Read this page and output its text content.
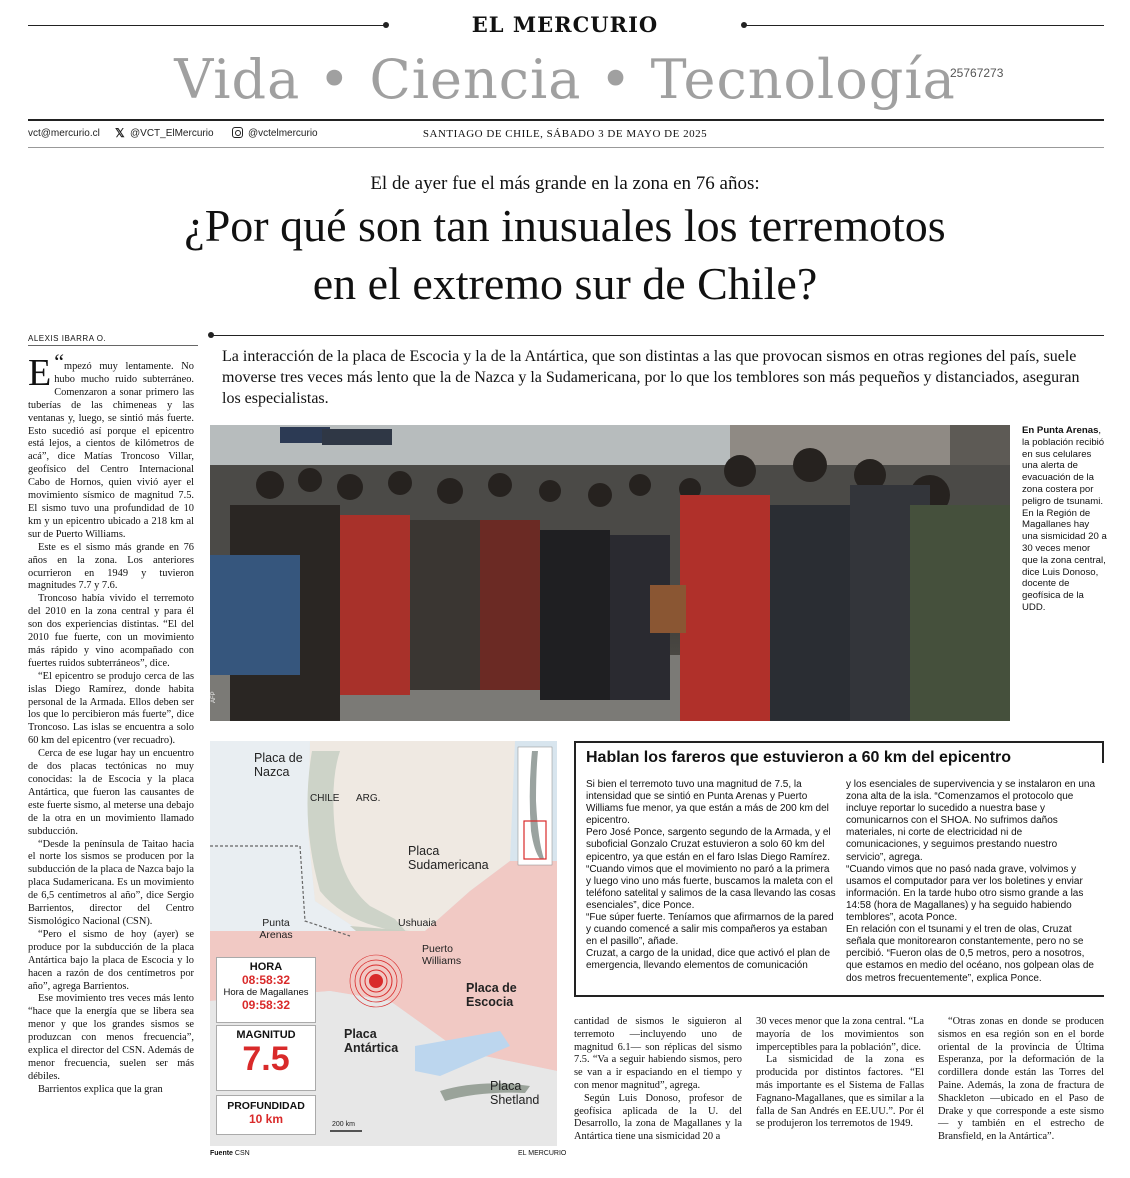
EL MERCURIO
Vida • Ciencia • Tecnología
25767273
vct@mercurio.cl 𝕏 @VCT_ElMercurio	@vctelmercurio	SANTIAGO DE CHILE, SÁBADO 3 DE MAYO DE 2025
El de ayer fue el más grande en la zona en 76 años:
¿Por qué son tan inusuales los terremotos
en el extremo sur de Chile?
ALEXIS IBARRA O.
La interacción de la placa de Escocia y la de la Antártica, que son distintas a las que provocan sismos en otras regiones del país, suele moverse tres veces más lento que la de Nazca y la Sudamericana, por lo que los temblores son más pequeños y distanciados, aseguran los especialistas.

“
E mpezó muy lentamente. No hubo mucho ruido subterráneo. Comenzaron a sonar primero las tuberías de las chimeneas y las ventanas y, luego, se sintió más fuerte. Esto sucedió así porque el epicentro está lejos, a cientos de kilómetros de acá”, dice Matías Troncoso Villar, geofísico del Centro Internacional Cabo de Hornos, quien vivió ayer el movimiento sísmico de magnitud 7.5. El sismo tuvo una profundidad de 10 km y un epicentro ubicado a 218 km al sur de Puerto Williams.

Este es el sismo más grande en 76 años en la zona. Los anteriores ocurrieron en 1949 y tuvieron magnitudes 7.7 y 7.6.

Troncoso había vivido el terremoto del 2010 en la zona central y para él son dos experiencias distintas. “El del 2010 fue fuerte, con un movimiento más rápido y vino acompañado con fuertes ruidos subterráneos”, dice.

“El epicentro se produjo cerca de las islas Diego Ramírez, donde habita personal de la Armada. Ellos deben ser los que lo percibieron más fuerte”, dice Troncoso. Las islas se encuentra a solo 60 km del epicentro (ver recuadro).

Cerca de ese lugar hay un encuentro de dos placas tectónicas no muy conocidas: la de Escocia y la placa Antártica, que fueron las causantes de este fuerte sismo, al meterse una debajo de la otra en un movimiento llamado subducción.

“Desde la península de Taitao hacia el norte los sismos se producen por la subducción de la placa de Nazca bajo la placa Sudamericana. Es un movimiento de 6,5 centímetros al año”, dice Sergio Barrientos, director del Centro Sismológico Nacional (CSN).

“Pero el sismo de hoy (ayer) se produce por la subducción de la placa Antártica bajo la placa de Escocia y lo hacen a razón de dos centímetros por año”, agrega Barrientos.

Ese movimiento tres veces más lento “hace que la energía que se libera sea menor y que los grandes sismos se produzcan con menos frecuencia”, explica el director del CSN. Además de menor frecuencia, suelen ser más débiles.

Barrientos explica que la gran

AFP
En Punta Arenas, la población recibió en sus celulares una alerta de evacuación de la zona costera por peligro de tsunami. En la Región de Magallanes hay una sismicidad 20 a 30 veces menor que la zona central, dice Luis Donoso, docente de geofísica de la UDD.
Placa de Nazca
CHILE ARG.
Placa Sudamericana
Punta Arenas
Ushuaia
Puerto Williams
Placa de Escocia
Placa Antártica
Placa Shetland
200 km
HORA
08:58:32
Hora de Magallanes
09:58:32
MAGNITUD
7.5
PROFUNDIDAD
10 km
Fuente CSN	EL MERCURIO
Hablan los fareros que estuvieron a 60 km del epicentro

Si bien el terremoto tuvo una magnitud de 7.5, la intensidad que se sintió en Punta Arenas y Puerto Williams fue menor, ya que están a más de 200 km del epicentro.

Pero José Ponce, sargento segundo de la Armada, y el suboficial Gonzalo Cruzat estuvieron a solo 60 km del epicentro, ya que están en el faro Islas Diego Ramírez. “Cuando vimos que el movimiento no paró a la primera y luego vino uno más fuerte, buscamos la maleta con el teléfono satelital y salimos de la casa llevando las cosas esenciales”, dice Ponce.

“Fue súper fuerte. Teníamos que afirmarnos de la pared y cuando comencé a salir mis compañeros ya estaban en el pasillo”, añade.

Cruzat, a cargo de la unidad, dice que activó el plan de emergencia, llevando elementos de comunicación

y los esenciales de supervivencia y se instalaron en una zona alta de la isla. “Comenzamos el protocolo que incluye reportar lo sucedido a nuestra base y comunicarnos con el SHOA. No sufrimos daños materiales, ni corte de electricidad ni de comunicaciones, y seguimos prestando nuestro servicio”, agrega.

“Cuando vimos que no pasó nada grave, volvimos y usamos el computador para ver los boletines y enviar información. En la tarde hubo otro sismo grande a las 14:58 (hora de Magallanes) y ha seguido habiendo temblores”, acota Ponce.

En relación con el tsunami y el tren de olas, Cruzat señala que monitorearon constantemente, pero no se percibió. “Fueron olas de 0,5 metros, pero a nosotros, que estamos en medio del océano, nos golpean olas de dos metros frecuentemente”, explica Ponce.

cantidad de sismos le siguieron al terremoto —incluyendo uno de magnitud 6.1— son réplicas del sismo 7.5. “Va a seguir habiendo sismos, pero se van a ir espaciando en el tiempo y con menor magnitud”, agrega.

Según Luis Donoso, profesor de geofísica aplicada de la U. del Desarrollo, la zona de Magallanes y la Antártica tiene una sismicidad 20 a

30 veces menor que la zona central. “La mayoría de los movimientos son imperceptibles para la población”, dice.

La sismicidad de la zona es producida por distintos factores. “El más importante es el Sistema de Fallas Fagnano-Magallanes, que es similar a la falla de San Andrés en EE.UU.”. Por él se produjeron los terremotos de 1949.

“Otras zonas en donde se producen sismos en esa región son en el borde oriental de la provincia de Última Esperanza, por la deformación de la cordillera donde están las Torres del Paine. Además, la zona de fractura de Shackleton —ubicado en el Paso de Drake y que corresponde a este sismo— y también en el estrecho de Bransfield, en la Antártica”.
